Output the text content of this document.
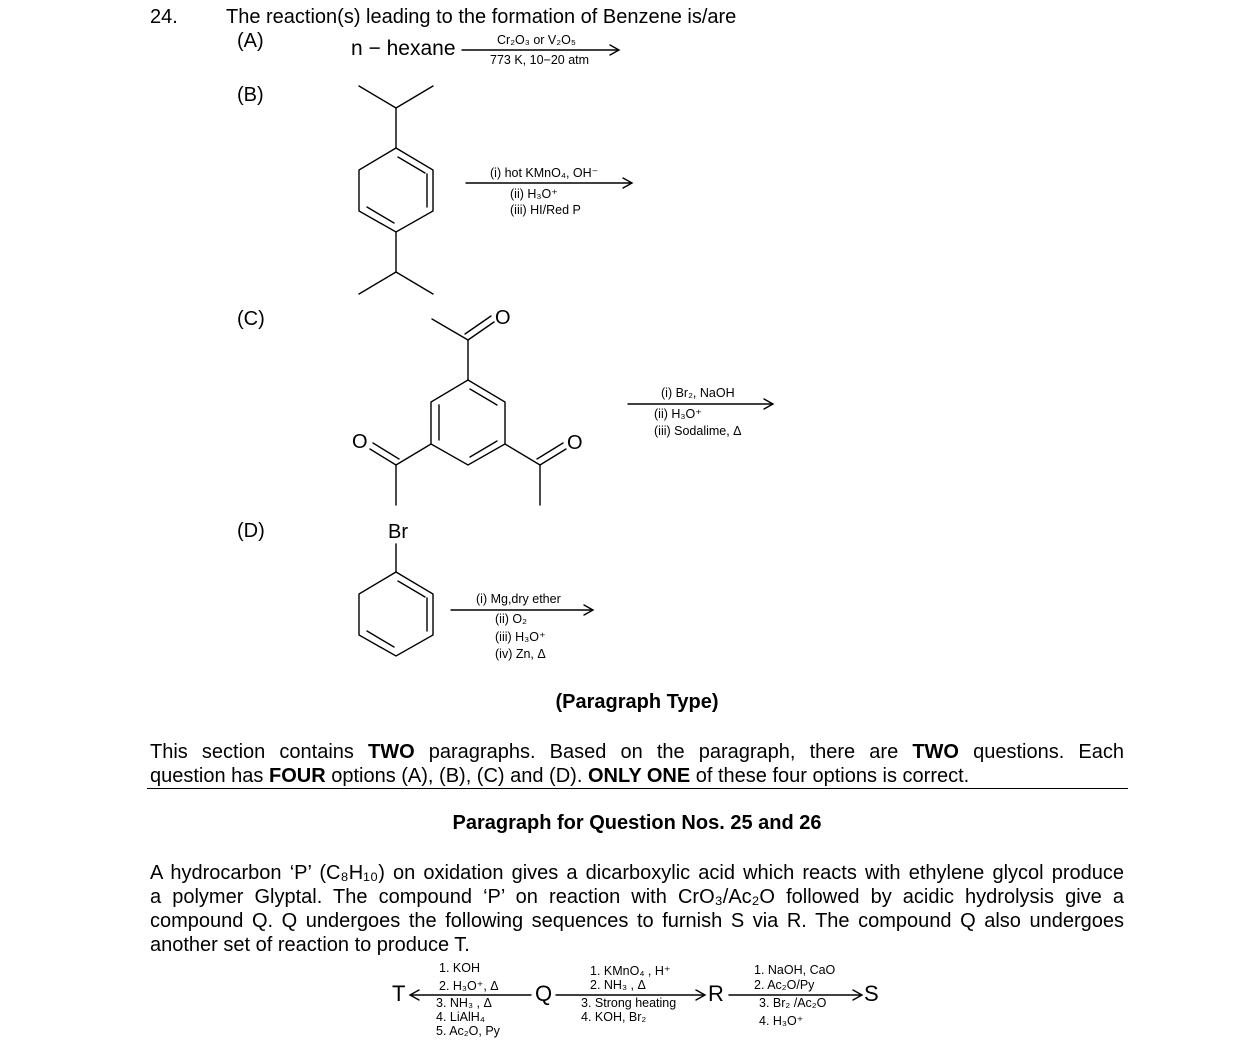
24. The reaction(s) leading to the formation of Benzene is/are
(A)
(B)
(C)
(D)
n − hexane	Cr₂O₃ or V₂O₅
773 K, 10−20 atm
(i) hot KMnO₄, OH⁻
(ii) H₃O⁺
(iii) HI/Red P
O
O	O
(i) Br₂, NaOH
(ii) H₃O⁺
(iii) Sodalime, Δ
Br
(i) Mg,dry ether
(ii) O₂
(iii) H₃O⁺
(iv) Zn, Δ
(Paragraph Type)
This section contains TWO paragraphs. Based on the paragraph, there are TWO questions. Each
question has FOUR options (A), (B), (C) and (D). ONLY ONE of these four options is correct.
Paragraph for Question Nos. 25 and 26
A hydrocarbon ‘P’ (C₈H₁₀) on oxidation gives a dicarboxylic acid which reacts with ethylene glycol produce
a polymer Glyptal. The compound ‘P’ on reaction with CrO₃/Ac₂O followed by acidic hydrolysis give a
compound Q. Q undergoes the following sequences to furnish S via R. The compound Q also undergoes
another set of reaction to produce T.
T	Q	R	S
1. KOH
2. H₃O⁺, Δ
3. NH₃ , Δ
4. LiAlH₄
5. Ac₂O, Py
1. KMnO₄ , H⁺
2. NH₃ , Δ
3. Strong heating
4. KOH, Br₂
1. NaOH, CaO
2. Ac₂O/Py
3. Br₂ /Ac₂O
4. H₃O⁺
